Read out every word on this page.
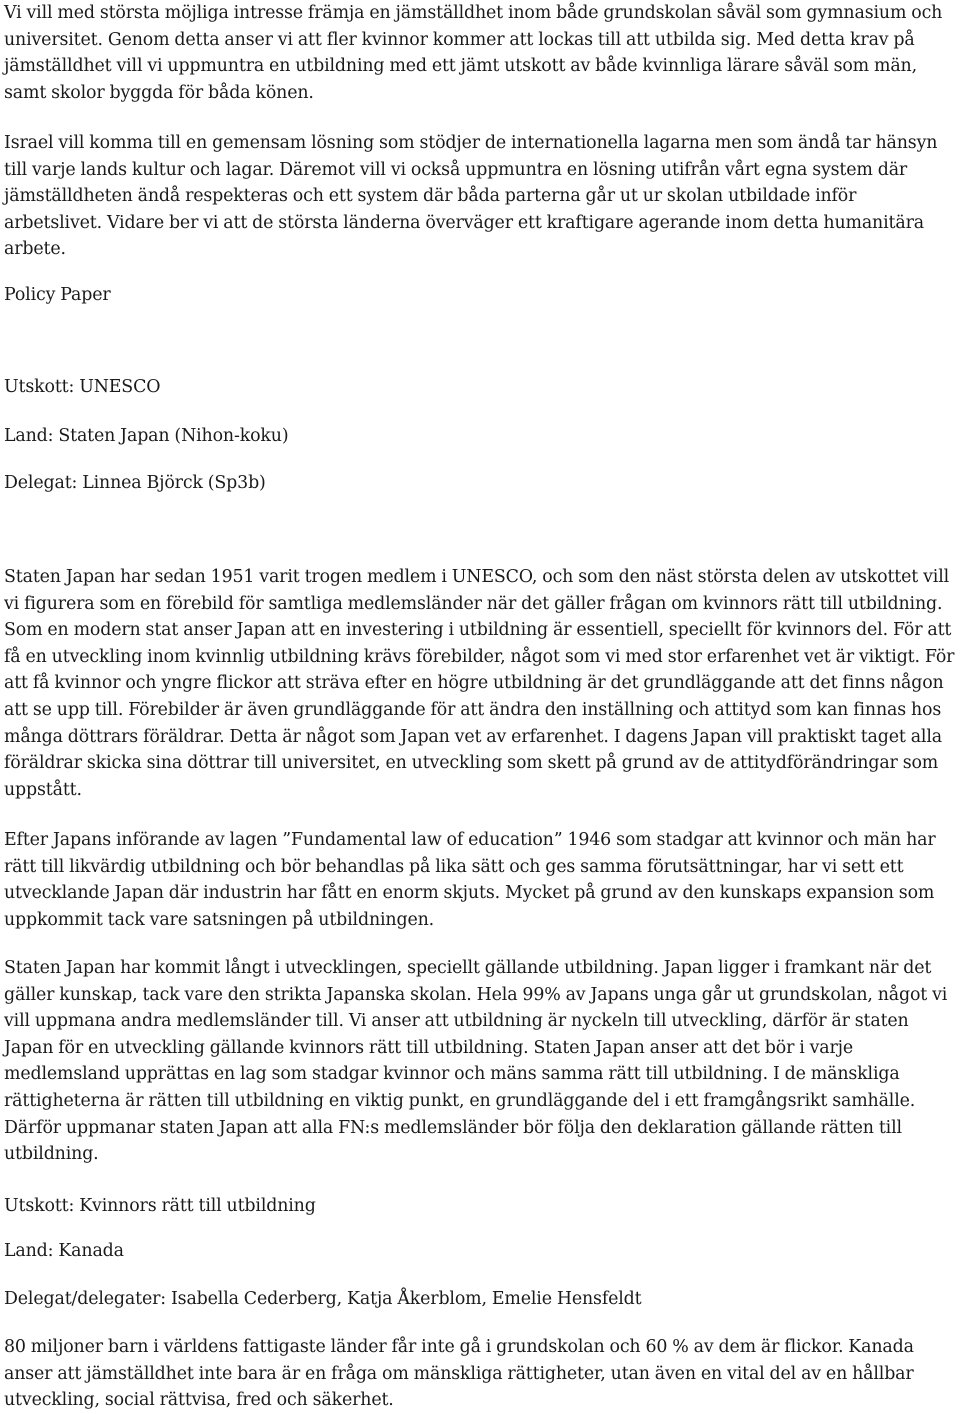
Vi vill med största möjliga intresse främja en jämställdhet inom både grundskolan såväl som gymnasium och universitet. Genom detta anser vi att fler kvinnor kommer att lockas till att utbilda sig. Med detta krav på jämställdhet vill vi uppmuntra en utbildning med ett jämt utskott av både kvinnliga lärare såväl som män, samt skolor byggda för båda könen.

Israel vill komma till en gemensam lösning som stödjer de internationella lagarna men som ändå tar hänsyn till varje lands kultur och lagar. Däremot vill vi också uppmuntra en lösning utifrån vårt egna system där jämställdheten ändå respekteras och ett system där båda parterna går ut ur skolan utbildade inför arbetslivet. Vidare ber vi att de största länderna överväger ett kraftigare agerande inom detta humanitära arbete.

Policy Paper

Utskott: UNESCO

Land: Staten Japan (Nihon-koku)

Delegat: Linnea Björck (Sp3b)

Staten Japan har sedan 1951 varit trogen medlem i UNESCO, och som den näst största delen av utskottet vill vi figurera som en förebild för samtliga medlemsländer när det gäller frågan om kvinnors rätt till utbildning. Som en modern stat anser Japan att en investering i utbildning är essentiell, speciellt för kvinnors del. För att få en utveckling inom kvinnlig utbildning krävs förebilder, något som vi med stor erfarenhet vet är viktigt. För att få kvinnor och yngre flickor att sträva efter en högre utbildning är det grundläggande att det finns någon att se upp till. Förebilder är även grundläggande för att ändra den inställning och attityd som kan finnas hos många döttrars föräldrar. Detta är något som Japan vet av erfarenhet. I dagens Japan vill praktiskt taget alla föräldrar skicka sina döttrar till universitet, en utveckling som skett på grund av de attitydförändringar som uppstått.

Efter Japans införande av lagen ”Fundamental law of education” 1946 som stadgar att kvinnor och män har rätt till likvärdig utbildning och bör behandlas på lika sätt och ges samma förutsättningar, har vi sett ett utvecklande Japan där industrin har fått en enorm skjuts. Mycket på grund av den kunskaps expansion som uppkommit tack vare satsningen på utbildningen.

Staten Japan har kommit långt i utvecklingen, speciellt gällande utbildning. Japan ligger i framkant när det gäller kunskap, tack vare den strikta Japanska skolan. Hela 99% av Japans unga går ut grundskolan, något vi vill uppmana andra medlemsländer till. Vi anser att utbildning är nyckeln till utveckling, därför är staten Japan för en utveckling gällande kvinnors rätt till utbildning. Staten Japan anser att det bör i varje medlemsland upprättas en lag som stadgar kvinnor och mäns samma rätt till utbildning. I de mänskliga rättigheterna är rätten till utbildning en viktig punkt, en grundläggande del i ett framgångsrikt samhälle. Därför uppmanar staten Japan att alla FN:s medlemsländer bör följa den deklaration gällande rätten till utbildning.

Utskott: Kvinnors rätt till utbildning

Land: Kanada

Delegat/delegater: Isabella Cederberg, Katja Åkerblom, Emelie Hensfeldt

80 miljoner barn i världens fattigaste länder får inte gå i grundskolan och 60 % av dem är flickor. Kanada anser att jämställdhet inte bara är en fråga om mänskliga rättigheter, utan även en vital del av en hållbar utveckling, social rättvisa, fred och säkerhet.
